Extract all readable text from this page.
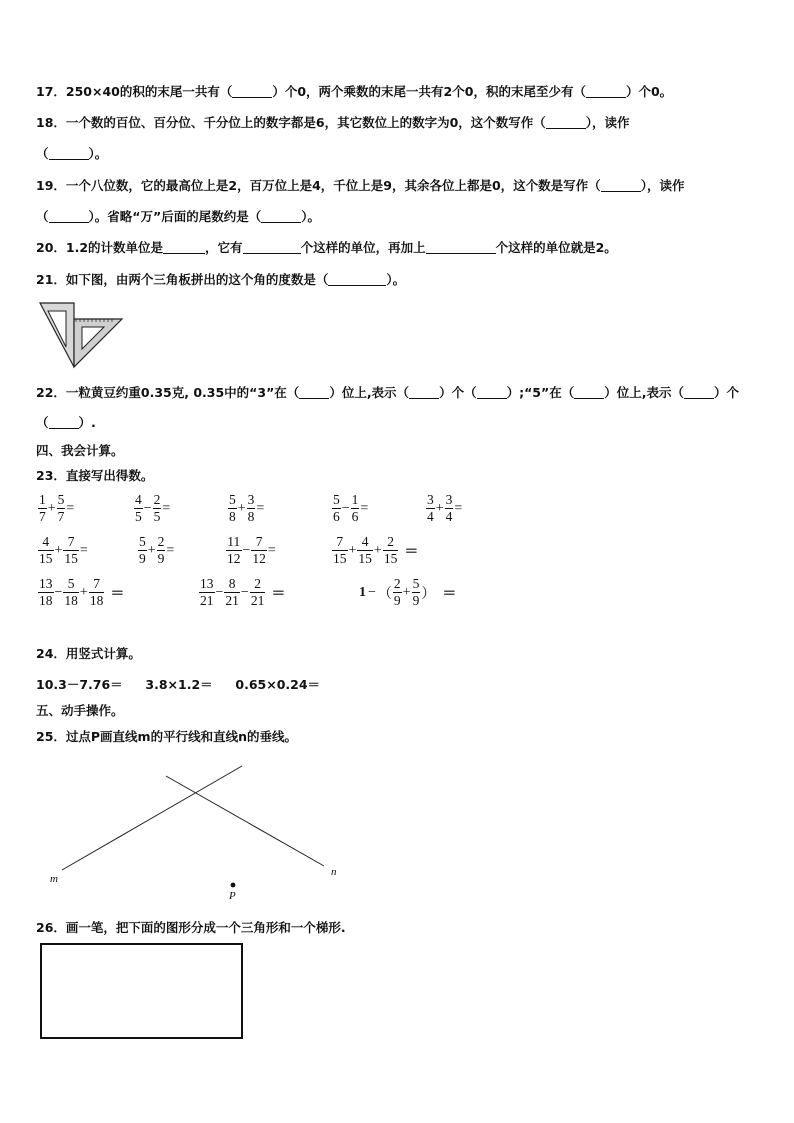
17．250×40的积的末尾一共有（	）个0，两个乘数的末尾一共有2个0，积的末尾至少有（	）个0。
18．一个数的百位、百分位、千分位上的数字都是6，其它数位上的数字为0，这个数写作（	），读作
（	）。
19．一个八位数，它的最高位上是2，百万位上是4，千位上是9，其余各位上都是0，这个数是写作（	），读作
（	）。省略“万”后面的尾数约是（	）。
20．1.2的计数单位是	，它有	个这样的单位，再加上	个这样的单位就是2。
21．如下图，由两个三角板拼出的这个角的度数是（	）。
22．一粒黄豆约重0.35克, 0.35中的“3”在（ ）位上,表示（ ）个（ ）;“5”在（ ）位上,表示（ ）个
（ ）.
四、我会计算。
23．直接写出得数。
$\frac{1}{7} + \frac{5}{7}$ =	$\frac{4}{5} - \frac{2}{5}$ =	$\frac{5}{8} + \frac{3}{8}$ =	$\frac{5}{6} - \frac{1}{6}$ =	$\frac{3}{4} + \frac{3}{4}$ =
$\frac{4}{15} + \frac{7}{15}$ =	$\frac{5}{9} + \frac{2}{9}$ =	$\frac{11}{12} - \frac{7}{12}$ =	$\frac{7}{15} + \frac{4}{15} + \frac{2}{15}$ ＝
$\frac{13}{18} - \frac{5}{18} + \frac{7}{18}$ ＝	$\frac{13}{21} - \frac{8}{21} - \frac{2}{21}$ ＝	1 − （ $\frac{2}{9} + \frac{5}{9}$ ） ＝
24．用竖式计算。
10.3－7.76＝ 3.8×1.2＝ 0.65×0.24＝
五、动手操作。
25．过点P画直线m的平行线和直线n的垂线。
m
n
P
26．画一笔，把下面的图形分成一个三角形和一个梯形.
